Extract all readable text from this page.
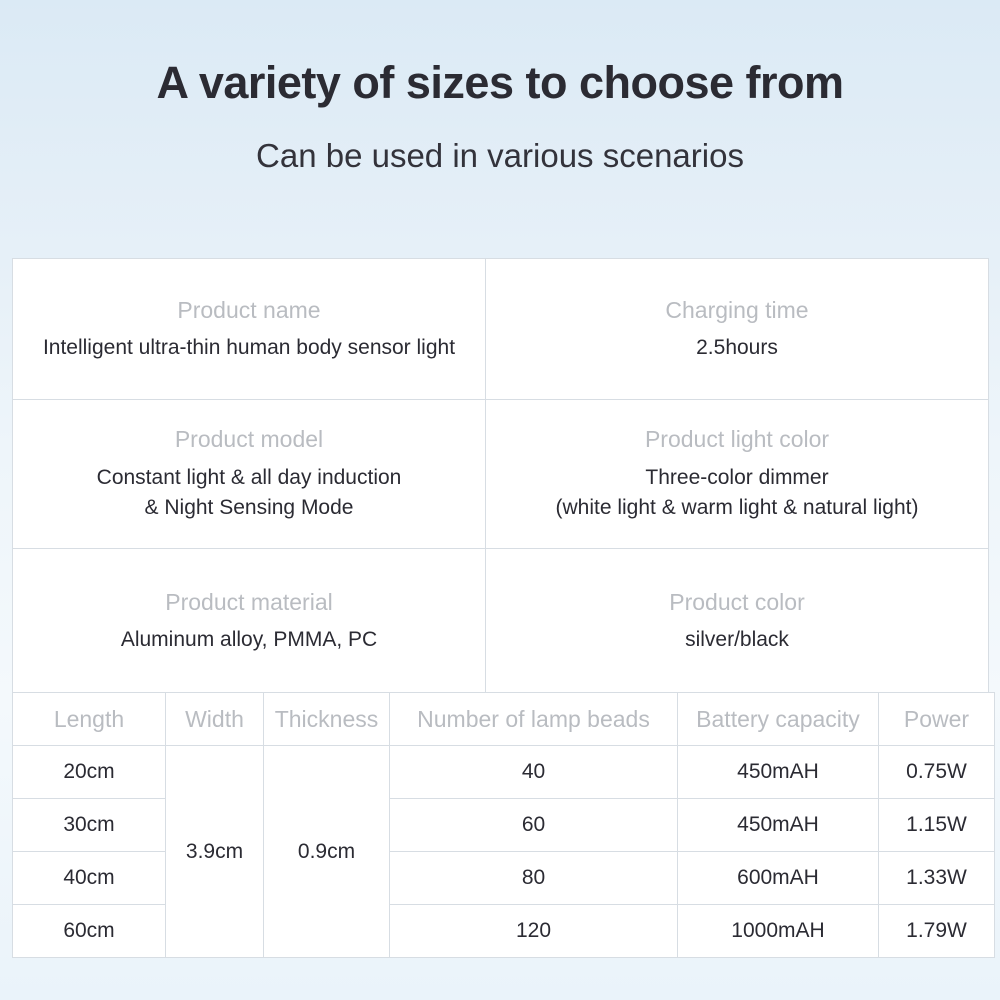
A variety of sizes to choose from

Can be used in various scenarios

Product name
Intelligent ultra-thin human body sensor light

Charging time
2.5hours

Product model
Constant light & all day induction
& Night Sensing Mode

Product light color
Three-color dimmer
(white light & warm light & natural light)

Product material
Aluminum alloy, PMMA, PC

Product color
silver/black
Length	Width	Thickness	Number of lamp beads	Battery capacity	Power
20cm	3.9cm	0.9cm	40	450mAH	0.75W
30cm			60	450mAH	1.15W
40cm			80	600mAH	1.33W
60cm			120	1000mAH	1.79W
